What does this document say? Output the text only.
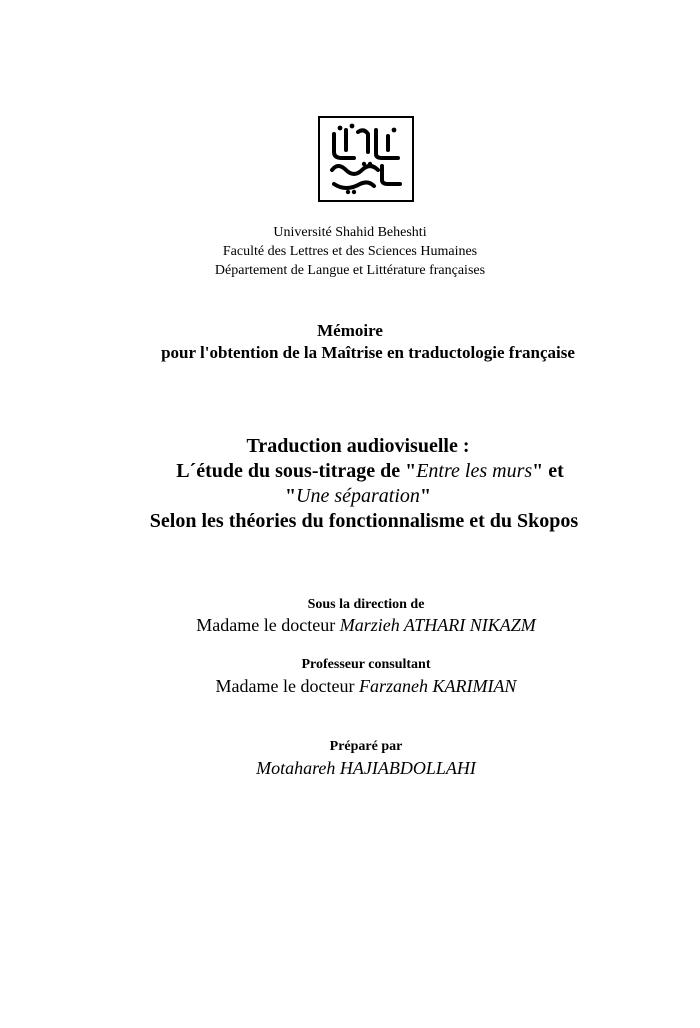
Université Shahid Beheshti
Faculté des Lettres et des Sciences Humaines
Département de Langue et Littérature françaises
Mémoire
pour l'obtention de la Maîtrise en traductologie française
Traduction audiovisuelle :
L´étude du sous-titrage de "Entre les murs" et
"Une séparation"
Selon les théories du fonctionnalisme et du Skopos
Sous la direction de
Madame le docteur Marzieh ATHARI NIKAZM
Professeur consultant
Madame le docteur Farzaneh KARIMIAN
Préparé par
Motahareh HAJIABDOLLAHI
